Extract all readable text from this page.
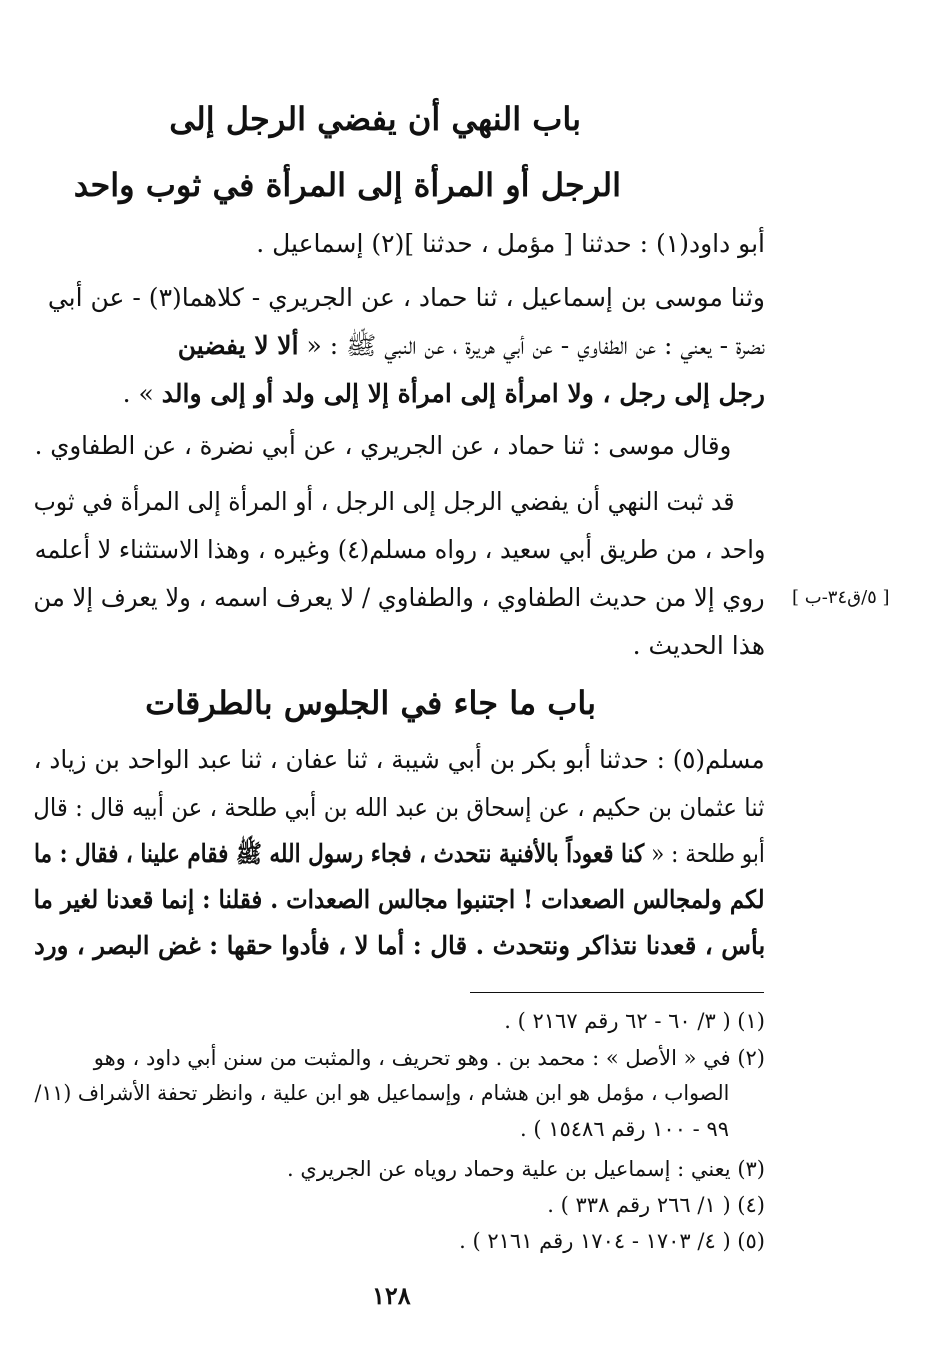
باب النهي أن يفضي الرجل إلى
الرجل أو المرأة إلى المرأة في ثوب واحد
أبو داود(١) : حدثنا [ مؤمل ، حدثنا ](٢) إسماعيل .
وثنا موسى بن إسماعيل ، ثنا حماد ، عن الجريري - كلاهما(٣) - عن أبي
نضرة - يعني : عن الطفاوي - عن أبي هريرة ، عن النبي ﷺ : « ألا لا يفضين
رجل إلى رجل ، ولا امرأة إلى امرأة إلا إلى ولد أو إلى والد » .
وقال موسى : ثنا حماد ، عن الجريري ، عن أبي نضرة ، عن الطفاوي .
قد ثبت النهي أن يفضي الرجل إلى الرجل ، أو المرأة إلى المرأة في ثوب
واحد ، من طريق أبي سعيد ، رواه مسلم(٤) وغيره ، وهذا الاستثناء لا أعلمه
روي إلا من حديث الطفاوي ، والطفاوي / لا يعرف اسمه ، ولا يعرف إلا من
هذا الحديث .
[ ٥/ق٣٤-ب ]
باب ما جاء في الجلوس بالطرقات
مسلم(٥) : حدثنا أبو بكر بن أبي شيبة ، ثنا عفان ، ثنا عبد الواحد بن زياد ،
ثنا عثمان بن حكيم ، عن إسحاق بن عبد الله بن أبي طلحة ، عن أبيه قال : قال
أبو طلحة : « كنا قعوداً بالأفنية نتحدث ، فجاء رسول الله ﷺ فقام علينا ، فقال : ما
لكم ولمجالس الصعدات ! اجتنبوا مجالس الصعدات . فقلنا : إنما قعدنا لغير ما
بأس ، قعدنا نتذاكر ونتحدث . قال : أما لا ، فأدوا حقها : غض البصر ، ورد
(١) ( ٣/ ٦٠ - ٦٢ رقم ٢١٦٧ ) .
(٢) في « الأصل » : محمد بن . وهو تحريف ، والمثبت من سنن أبي داود ، وهو
الصواب ، مؤمل هو ابن هشام ، وإسماعيل هو ابن علية ، وانظر تحفة الأشراف (١١/
٩٩ - ١٠٠ رقم ١٥٤٨٦ ) .
(٣) يعني : إسماعيل بن علية وحماد روياه عن الجريري .
(٤) ( ١/ ٢٦٦ رقم ٣٣٨ ) .
(٥) ( ٤/ ١٧٠٣ - ١٧٠٤ رقم ٢١٦١ ) .
١٢٨
